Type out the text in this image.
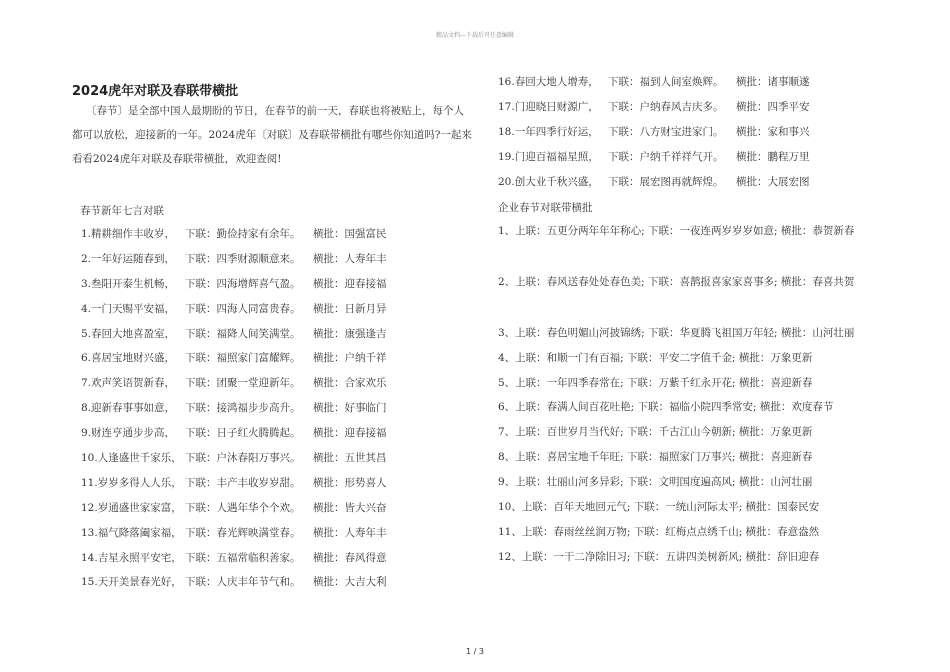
精品文档---下载后可任意编辑
2024虎年对联及春联带横批

〔春节〕是全部中国人最期盼的节日，在春节的前一天，春联也将被贴上，每个人都可以放松，迎接新的一年。2024虎年〔对联〕及春联带横批有哪些你知道吗?一起来看看2024虎年对联及春联带横批，欢迎查阅!

春节新年七言对联
1.精耕细作丰收岁， 下联：勤俭持家有余年。 横批：国强富民
2.一年好运随春到， 下联：四季财源顺意来。 横批：人寿年丰
3.叁阳开泰生机畅， 下联：四海增辉喜气盈。 横批：迎春接福
4.一门天赐平安福， 下联：四海人同富贵春。 横批：日新月异
5.春回大地喜盈室， 下联：福降人间笑满堂。 横批：康强逢吉
6.喜居宝地财兴盛， 下联：福照家门富耀辉。 横批：户纳千祥
7.欢声笑语贺新春， 下联：团聚一堂迎新年。 横批：合家欢乐
8.迎新春事事如意， 下联：接鸿福步步高升。 横批：好事临门
9.财连亨通步步高， 下联：日子红火腾腾起。 横批：迎春接福
10.人逢盛世千家乐， 下联：户沐春阳万事兴。 横批：五世其昌
11.岁岁多得人人乐， 下联：丰产丰收岁岁甜。 横批：形势喜人
12.岁通盛世家家富， 下联：人遇年华个个欢。 横批：皆大兴奋
13.福气降落阖家福， 下联：春光辉映满堂春。 横批：人寿年丰
14.吉星永照平安宅， 下联：五福常临积善家。 横批：春风得意
15.天开美景春光好， 下联：人庆丰年节气和。 横批：大吉大利
16.春回大地人增寿， 下联：福到人间室焕辉。 横批：诸事顺遂
17.门迎晓日财源广， 下联：户纳春风吉庆多。 横批：四季平安
18.一年四季行好运， 下联：八方财宝进家门。 横批：家和事兴
19.门迎百福福星照， 下联：户纳千祥祥气开。 横批：鹏程万里
20.创大业千秋兴盛， 下联：展宏图再就辉煌。 横批：大展宏图
企业春节对联带横批
1、上联：五更分两年年年称心; 下联：一夜连两岁岁岁如意; 横批：恭贺新春
2、上联：春风送春处处春色美; 下联：喜鹊报喜家家喜事多; 横批：春喜共贺
3、上联：春色明媚山河披锦绣; 下联：华夏腾飞祖国万年轻; 横批：山河壮丽
4、上联：和顺一门有百福; 下联：平安二字值千金; 横批：万象更新
5、上联：一年四季春常在; 下联：万紫千红永开花; 横批：喜迎新春
6、上联：春满人间百花吐艳; 下联：福临小院四季常安; 横批：欢度春节
7、上联：百世岁月当代好; 下联：千古江山今朝新; 横批：万象更新
8、上联：喜居宝地千年旺; 下联：福照家门万事兴; 横批：喜迎新春
9、上联：壮丽山河多异彩; 下联：文明国度遍高风; 横批：山河壮丽
10、上联：百年天地回元气; 下联：一统山河际太平; 横批：国泰民安
11、上联：春雨丝丝润万物; 下联：红梅点点绣千山; 横批：春意盎然
12、上联：一干二净除旧习; 下联：五讲四美树新风; 横批：辞旧迎春
1 / 3
